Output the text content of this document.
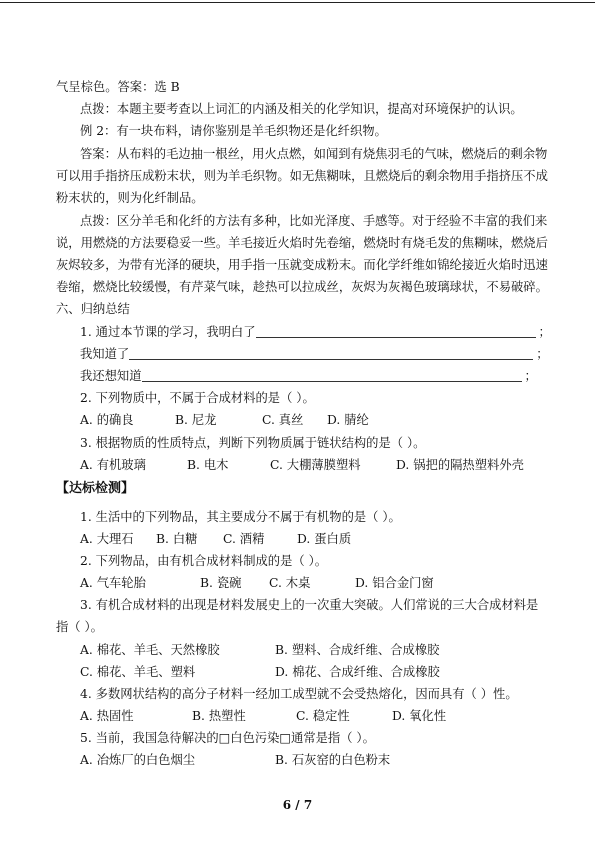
气呈棕色。答案：选 B
点拨：本题主要考查以上词汇的内涵及相关的化学知识，提高对环境保护的认识。
例 2：有一块布料，请你鉴别是羊毛织物还是化纤织物。
答案：从布料的毛边抽一根丝，用火点燃，如闻到有烧焦羽毛的气味，燃烧后的剩余物
可以用手指挤压成粉末状，则为羊毛织物。如无焦糊味，且燃烧后的剩余物用手指挤压不成
粉末状的，则为化纤制品。
点拨：区分羊毛和化纤的方法有多种，比如光泽度、手感等。对于经验不丰富的我们来
说，用燃烧的方法要稳妥一些。羊毛接近火焰时先卷缩，燃烧时有烧毛发的焦糊味，燃烧后
灰烬较多，为带有光泽的硬块，用手指一压就变成粉末。而化学纤维如锦纶接近火焰时迅速
卷缩，燃烧比较缓慢，有芹菜气味，趁热可以拉成丝，灰烬为灰褐色玻璃球状，不易破碎。
六、归纳总结
1. 通过本节课的学习，我明白了	；
我知道了	；
我还想知道	；
2. 下列物质中，不属于合成材料的是（ ）。
A. 的确良	B. 尼龙	C. 真丝 D. 腈纶
3. 根据物质的性质特点，判断下列物质属于链状结构的是（ ）。
A. 有机玻璃	B. 电木	C. 大棚薄膜塑料	D. 锅把的隔热塑料外壳
【达标检测】
1. 生活中的下列物品，其主要成分不属于有机物的是（ ）。
A. 大理石 B. 白糖 C. 酒精	D. 蛋白质
2. 下列物品，由有机合成材料制成的是（ ）。
A. 气车轮胎	B. 瓷碗 C. 木桌	D. 铝合金门窗
3. 有机合成材料的出现是材料发展史上的一次重大突破。人们常说的三大合成材料是
指（ ）。
A. 棉花、羊毛、天然橡胶	B. 塑料、合成纤维、合成橡胶
C. 棉花、羊毛、塑料	D. 棉花、合成纤维、合成橡胶
4. 多数网状结构的高分子材料一经加工成型就不会受热熔化，因而具有（ ）性。
A. 热固性	B. 热塑性	C. 稳定性	D. 氧化性
5. 当前，我国急待解决的□白色污染□通常是指（ ）。
A. 冶炼厂的白色烟尘	B. 石灰窑的白色粉末
6 / 7
